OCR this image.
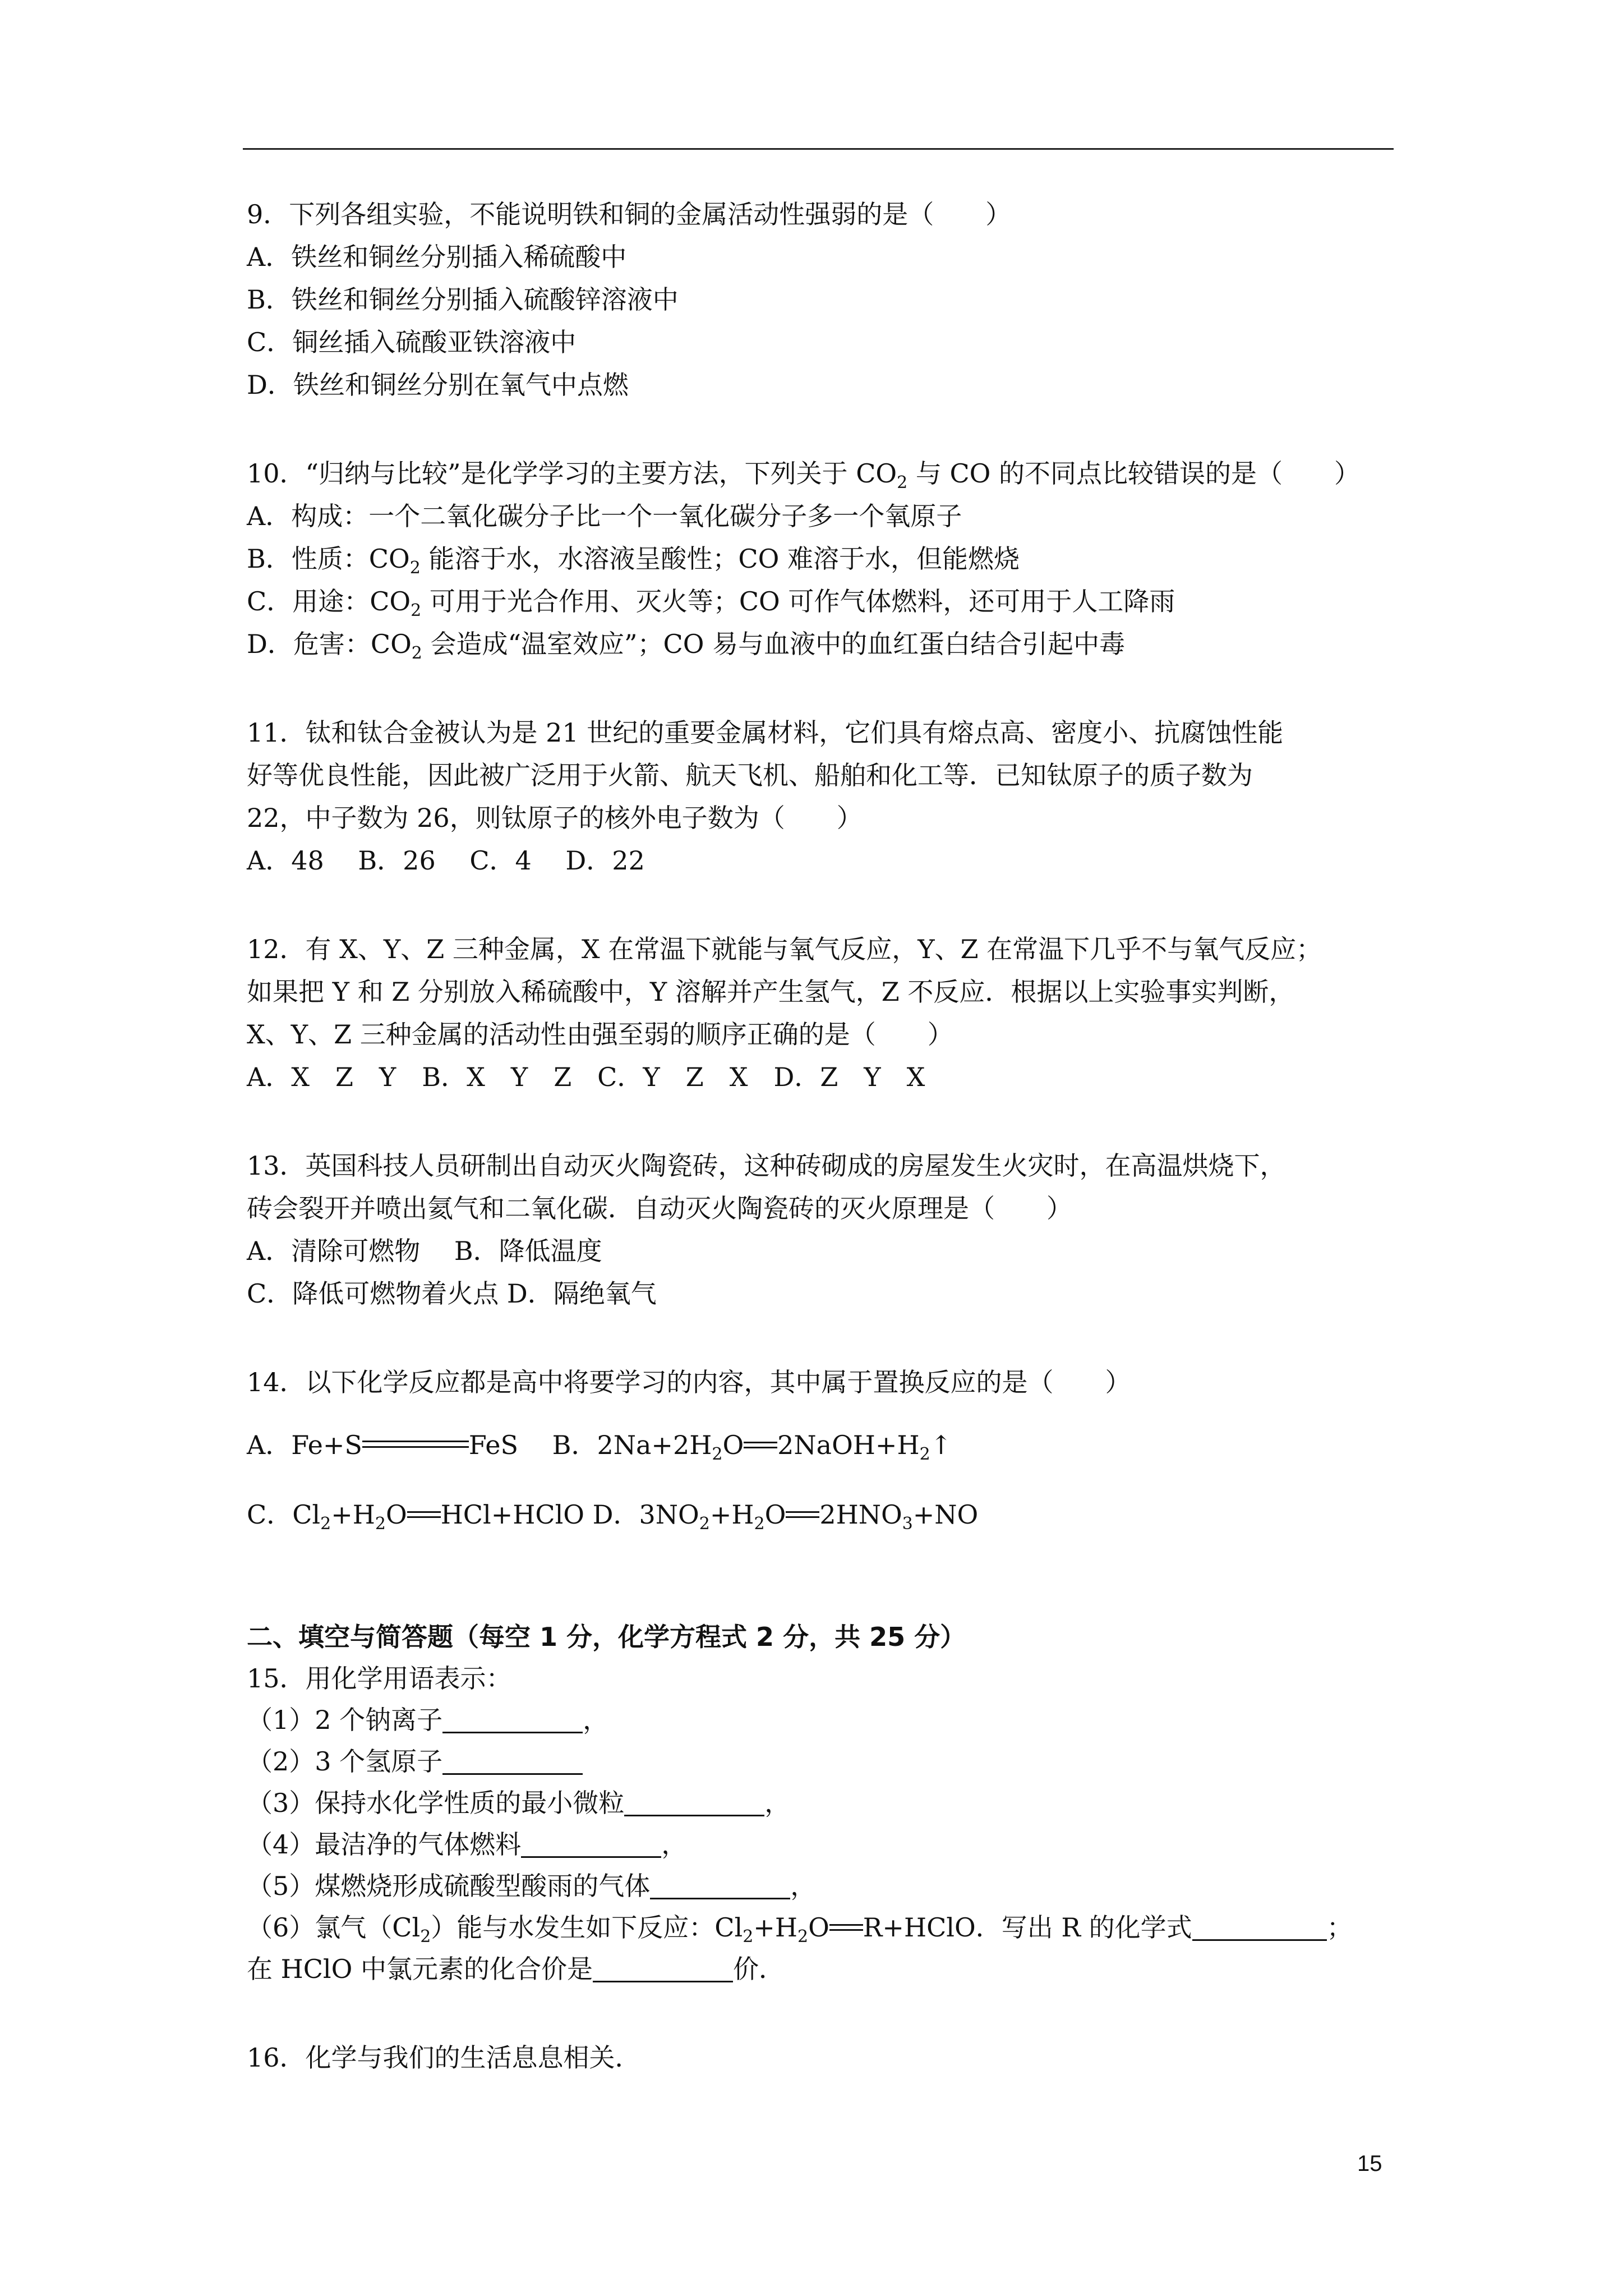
9．下列各组实验，不能说明铁和铜的金属活动性强弱的是（　　）
A．铁丝和铜丝分别插入稀硫酸中
B．铁丝和铜丝分别插入硫酸锌溶液中
C．铜丝插入硫酸亚铁溶液中
D．铁丝和铜丝分别在氧气中点燃
10．“归纳与比较”是化学学习的主要方法，下列关于 $CO_2$ 与 CO 的不同点比较错误的是（　　）
A．构成：一个二氧化碳分子比一个一氧化碳分子多一个氧原子
B．性质：$CO_2$ 能溶于水，水溶液呈酸性；CO 难溶于水，但能燃烧
C．用途：$CO_2$ 可用于光合作用、灭火等；CO 可作气体燃料，还可用于人工降雨
D．危害：$CO_2$ 会造成“温室效应”；CO 易与血液中的血红蛋白结合引起中毒
11．钛和钛合金被认为是 21 世纪的重要金属材料，它们具有熔点高、密度小、抗腐蚀性能
好等优良性能，因此被广泛用于火箭、航天飞机、船舶和化工等．已知钛原子的质子数为
22，中子数为 26，则钛原子的核外电子数为（　　）
A．48　 B．26　 C．4　 D．22
12．有 X、Y、Z 三种金属，X 在常温下就能与氧气反应，Y、Z 在常温下几乎不与氧气反应；
如果把 Y 和 Z 分别放入稀硫酸中，Y 溶解并产生氢气，Z 不反应．根据以上实验事实判断，
X、Y、Z 三种金属的活动性由强至弱的顺序正确的是（　　）
A．X　Z　Y　B．X　Y　Z　C．Y　Z　X　D．Z　Y　X
13．英国科技人员研制出自动灭火陶瓷砖，这种砖砌成的房屋发生火灾时，在高温烘烧下，
砖会裂开并喷出氦气和二氧化碳．自动灭火陶瓷砖的灭火原理是（　　）
A．清除可燃物　 B．降低温度
C．降低可燃物着火点 D．隔绝氧气
14．以下化学反应都是高中将要学习的内容，其中属于置换反应的是（　　）
A．Fe+S	FeS　 B．$2Na+2H_2O$ $2NaOH+H_2↑$
C．$Cl_2+H_2O$ HCl+HClO D．$3NO_2+H_2O$ $2HNO_3+NO$
二、填空与简答题（每空 1 分，化学方程式 2 分，共 25 分）
15．用化学用语表示：
（1）2 个钠离子	，
（2）3 个氢原子
（3）保持水化学性质的最小微粒	，
（4）最洁净的气体燃料	，
（5）煤燃烧形成硫酸型酸雨的气体	，
（6）氯气$(Cl_2)$能与水发生如下反应：$Cl_2+H_2O$ R+HClO．写出 R 的化学式	；
在 HClO 中氯元素的化合价是	价．
16．化学与我们的生活息息相关．
15
